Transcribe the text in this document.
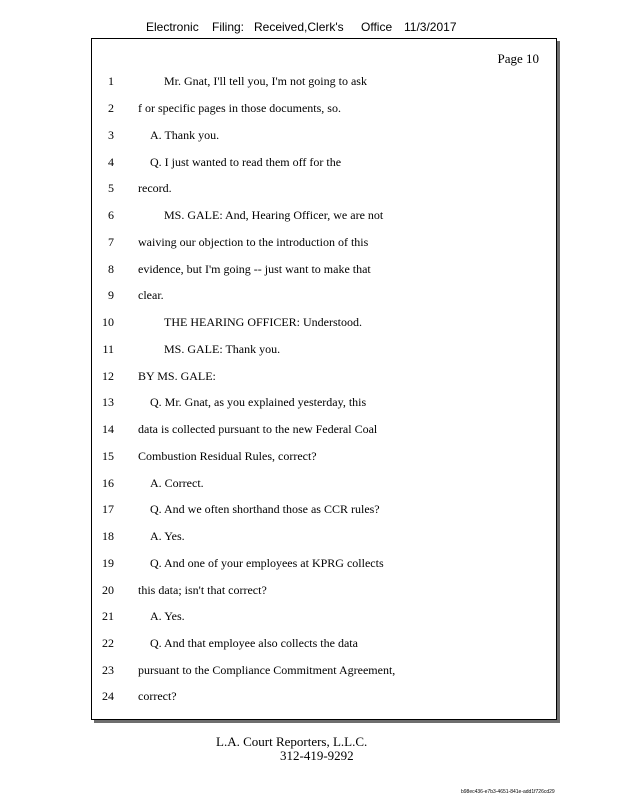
Electronic Filing: Received,Clerk's Office 11/3/2017
Page 10
1	Mr. Gnat, I'll tell you, I'm not going to ask
2 f or specific pages in those documents, so.
3	A. Thank you.
4	Q. I just wanted to read them off for the
5 record.
6	MS. GALE: And, Hearing Officer, we are not
7 waiving our objection to the introduction of this
8 evidence, but I'm going -- just want to make that
9 clear.
10	THE HEARING OFFICER: Understood.
11	MS. GALE: Thank you.
12 BY MS. GALE:
13	Q. Mr. Gnat, as you explained yesterday, this
14 data is collected pursuant to the new Federal Coal
15 Combustion Residual Rules, correct?
16	A. Correct.
17	Q. And we often shorthand those as CCR rules?
18	A. Yes.
19	Q. And one of your employees at KPRG collects
20 this data; isn't that correct?
21	A. Yes.
22	Q. And that employee also collects the data
23 pursuant to the Compliance Commitment Agreement,
24 correct?
L.A. Court Reporters, L.L.C.
312-419-9292
b98ec436-e7b3-4651-841e-add1f726cd29
